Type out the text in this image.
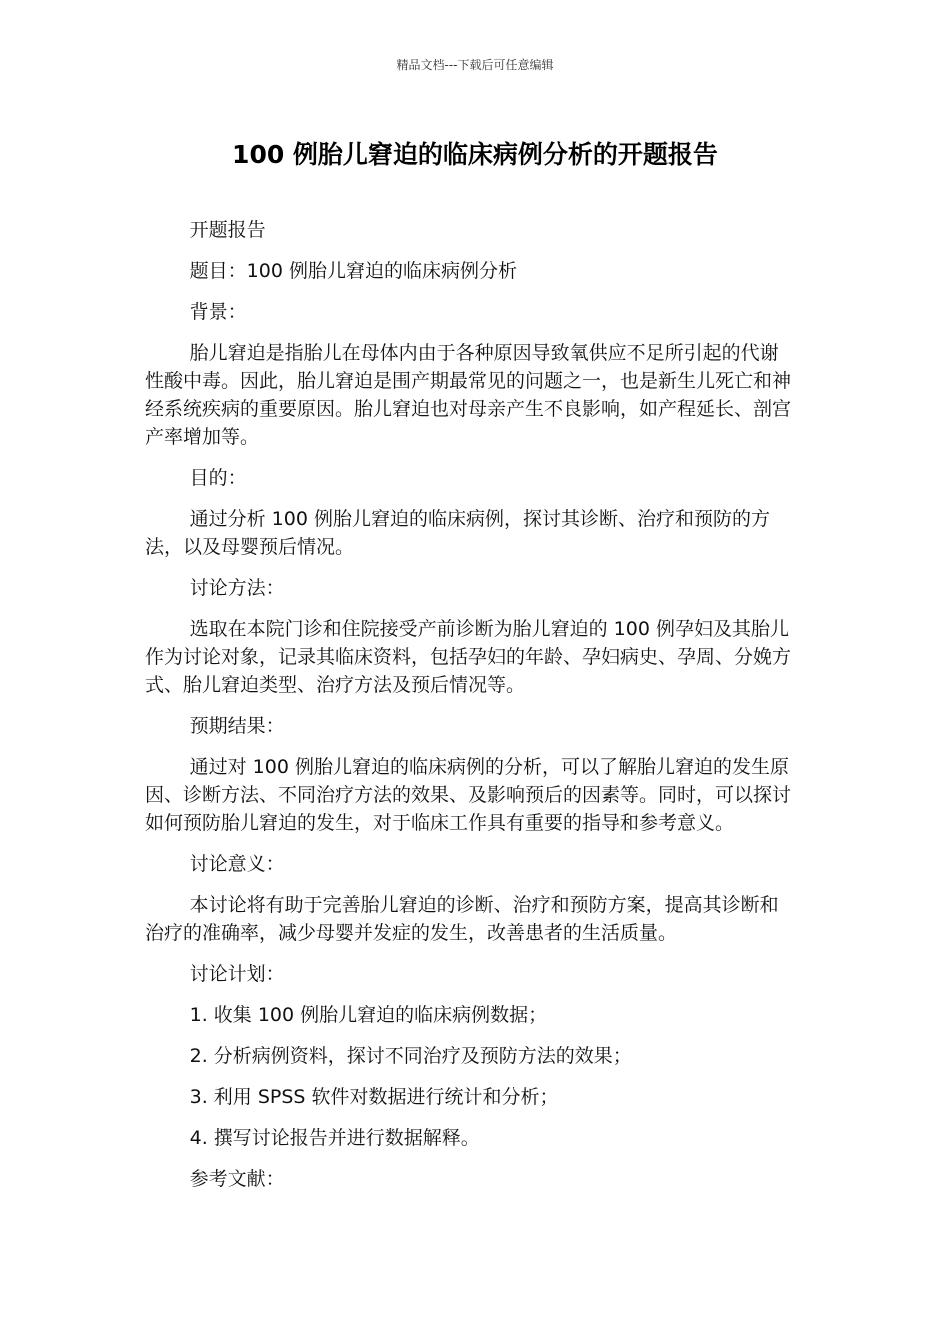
精品文档---下载后可任意编辑
100 例胎儿窘迫的临床病例分析的开题报告

开题报告

题目：100 例胎儿窘迫的临床病例分析

背景：

胎儿窘迫是指胎儿在母体内由于各种原因导致氧供应不足所引起的代谢性酸中毒。因此，胎儿窘迫是围产期最常见的问题之一，也是新生儿死亡和神经系统疾病的重要原因。胎儿窘迫也对母亲产生不良影响，如产程延长、剖宫产率增加等。

目的：

通过分析 100 例胎儿窘迫的临床病例，探讨其诊断、治疗和预防的方法，以及母婴预后情况。

讨论方法：

选取在本院门诊和住院接受产前诊断为胎儿窘迫的 100 例孕妇及其胎儿作为讨论对象，记录其临床资料，包括孕妇的年龄、孕妇病史、孕周、分娩方式、胎儿窘迫类型、治疗方法及预后情况等。

预期结果：

通过对 100 例胎儿窘迫的临床病例的分析，可以了解胎儿窘迫的发生原因、诊断方法、不同治疗方法的效果、及影响预后的因素等。同时，可以探讨如何预防胎儿窘迫的发生，对于临床工作具有重要的指导和参考意义。

讨论意义：

本讨论将有助于完善胎儿窘迫的诊断、治疗和预防方案，提高其诊断和治疗的准确率，减少母婴并发症的发生，改善患者的生活质量。

讨论计划：

1. 收集 100 例胎儿窘迫的临床病例数据；

2. 分析病例资料，探讨不同治疗及预防方法的效果；

3. 利用 SPSS 软件对数据进行统计和分析；

4. 撰写讨论报告并进行数据解释。

参考文献：
